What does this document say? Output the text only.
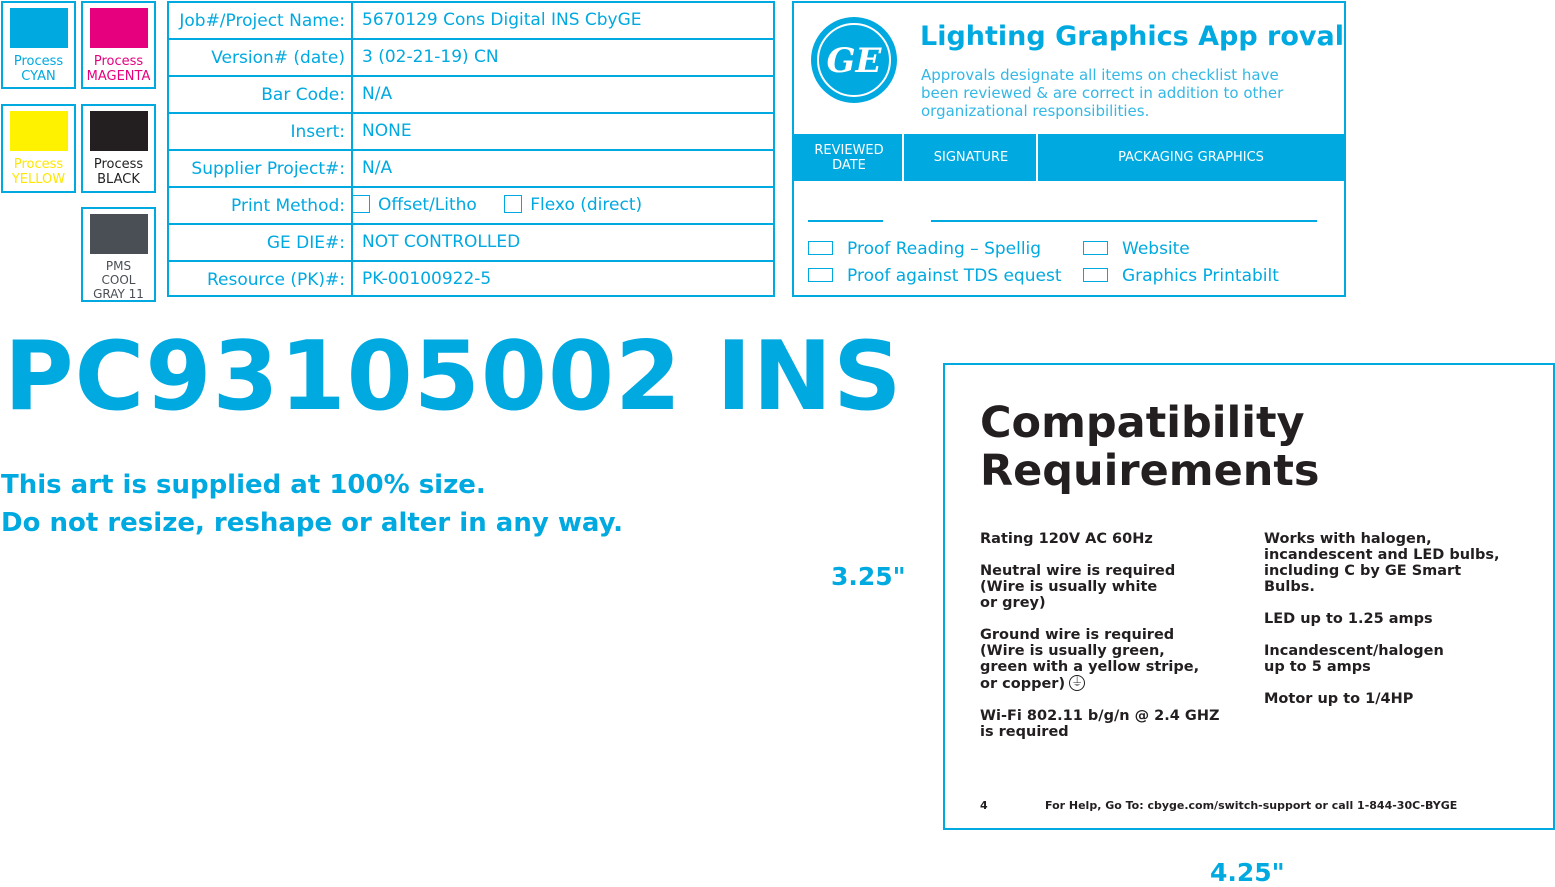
Process
CYAN
Process
MAGENTA
Process
YELLOW
Process
BLACK
PMS
COOL
GRAY 11
Job#/Project Name:	5670129 Cons Digital INS CbyGE
Version# (date)	3 (02-21-19) CN
Bar Code:	N/A
Insert:	NONE
Supplier Project#:	N/A
Print Method:	Offset/Litho	Flexo (direct)
GE DIE#:	NOT CONTROLLED
Resource (PK)#:	PK-00100922-5
GE
Lighting Graphics App roval
Approvals designate all items on checklist have been reviewed & are correct in addition to other organizational responsibilities.
REVIEWED
DATE	SIGNATURE	PACKAGING GRAPHICS
Proof Reading – Spellig
Proof against TDS equest
Website
Graphics Printabilt
PC93105002 INS
This art is supplied at 100% size.
Do not resize, reshape or alter in any way.
3.25"
4.25"
Compatibility
Requirements
Rating 120V AC 60Hz
Neutral wire is required
(Wire is usually white
or grey)
Ground wire is required
(Wire is usually green,
green with a yellow stripe,
or copper)⏚
Wi-Fi 802.11 b/g/n @ 2.4 GHZ
is required
Works with halogen,
incandescent and LED bulbs,
including C by GE Smart
Bulbs.
LED up to 1.25 amps
Incandescent/halogen
up to 5 amps
Motor up to 1/4HP
4	For Help, Go To: cbyge.com/switch-support or call 1-844-30C-BYGE
